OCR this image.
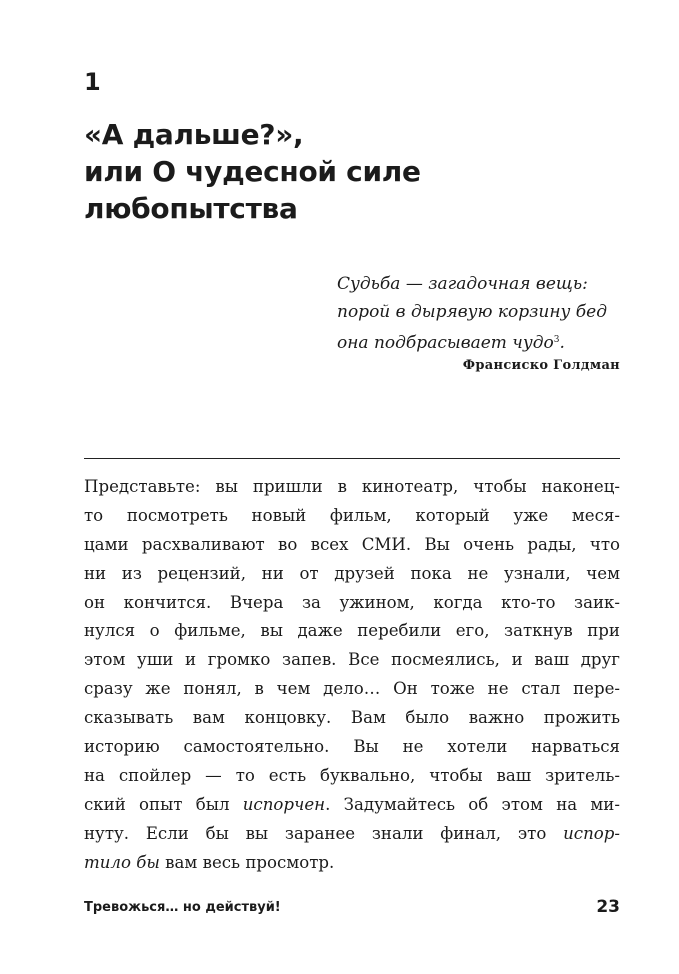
1
«А дальше?»,
или О чудесной силе
любопытства
Судьба — загадочная вещь:
порой в дырявую корзину бед
она подбрасывает чудо$^3$.
Франсиско Голдман
Представьте: вы пришли в кинотеатр, чтобы наконец-
то посмотреть новый фильм, который уже меся-
цами расхваливают во всех СМИ. Вы очень рады, что
ни из рецензий, ни от друзей пока не узнали, чем
он кончится. Вчера за ужином, когда кто-то заик-
нулся о фильме, вы даже перебили его, заткнув при
этом уши и громко запев. Все посмеялись, и ваш друг
сразу же понял, в чем дело… Он тоже не стал пере-
сказывать вам концовку. Вам было важно прожить
историю самостоятельно. Вы не хотели нарваться
на спойлер — то есть буквально, чтобы ваш зритель-
ский опыт был испорчен. Задумайтесь об этом на ми-
нуту. Если бы вы заранее знали финал, это испор-
тило бы вам весь просмотр.
Тревожься… но действуй!	23
